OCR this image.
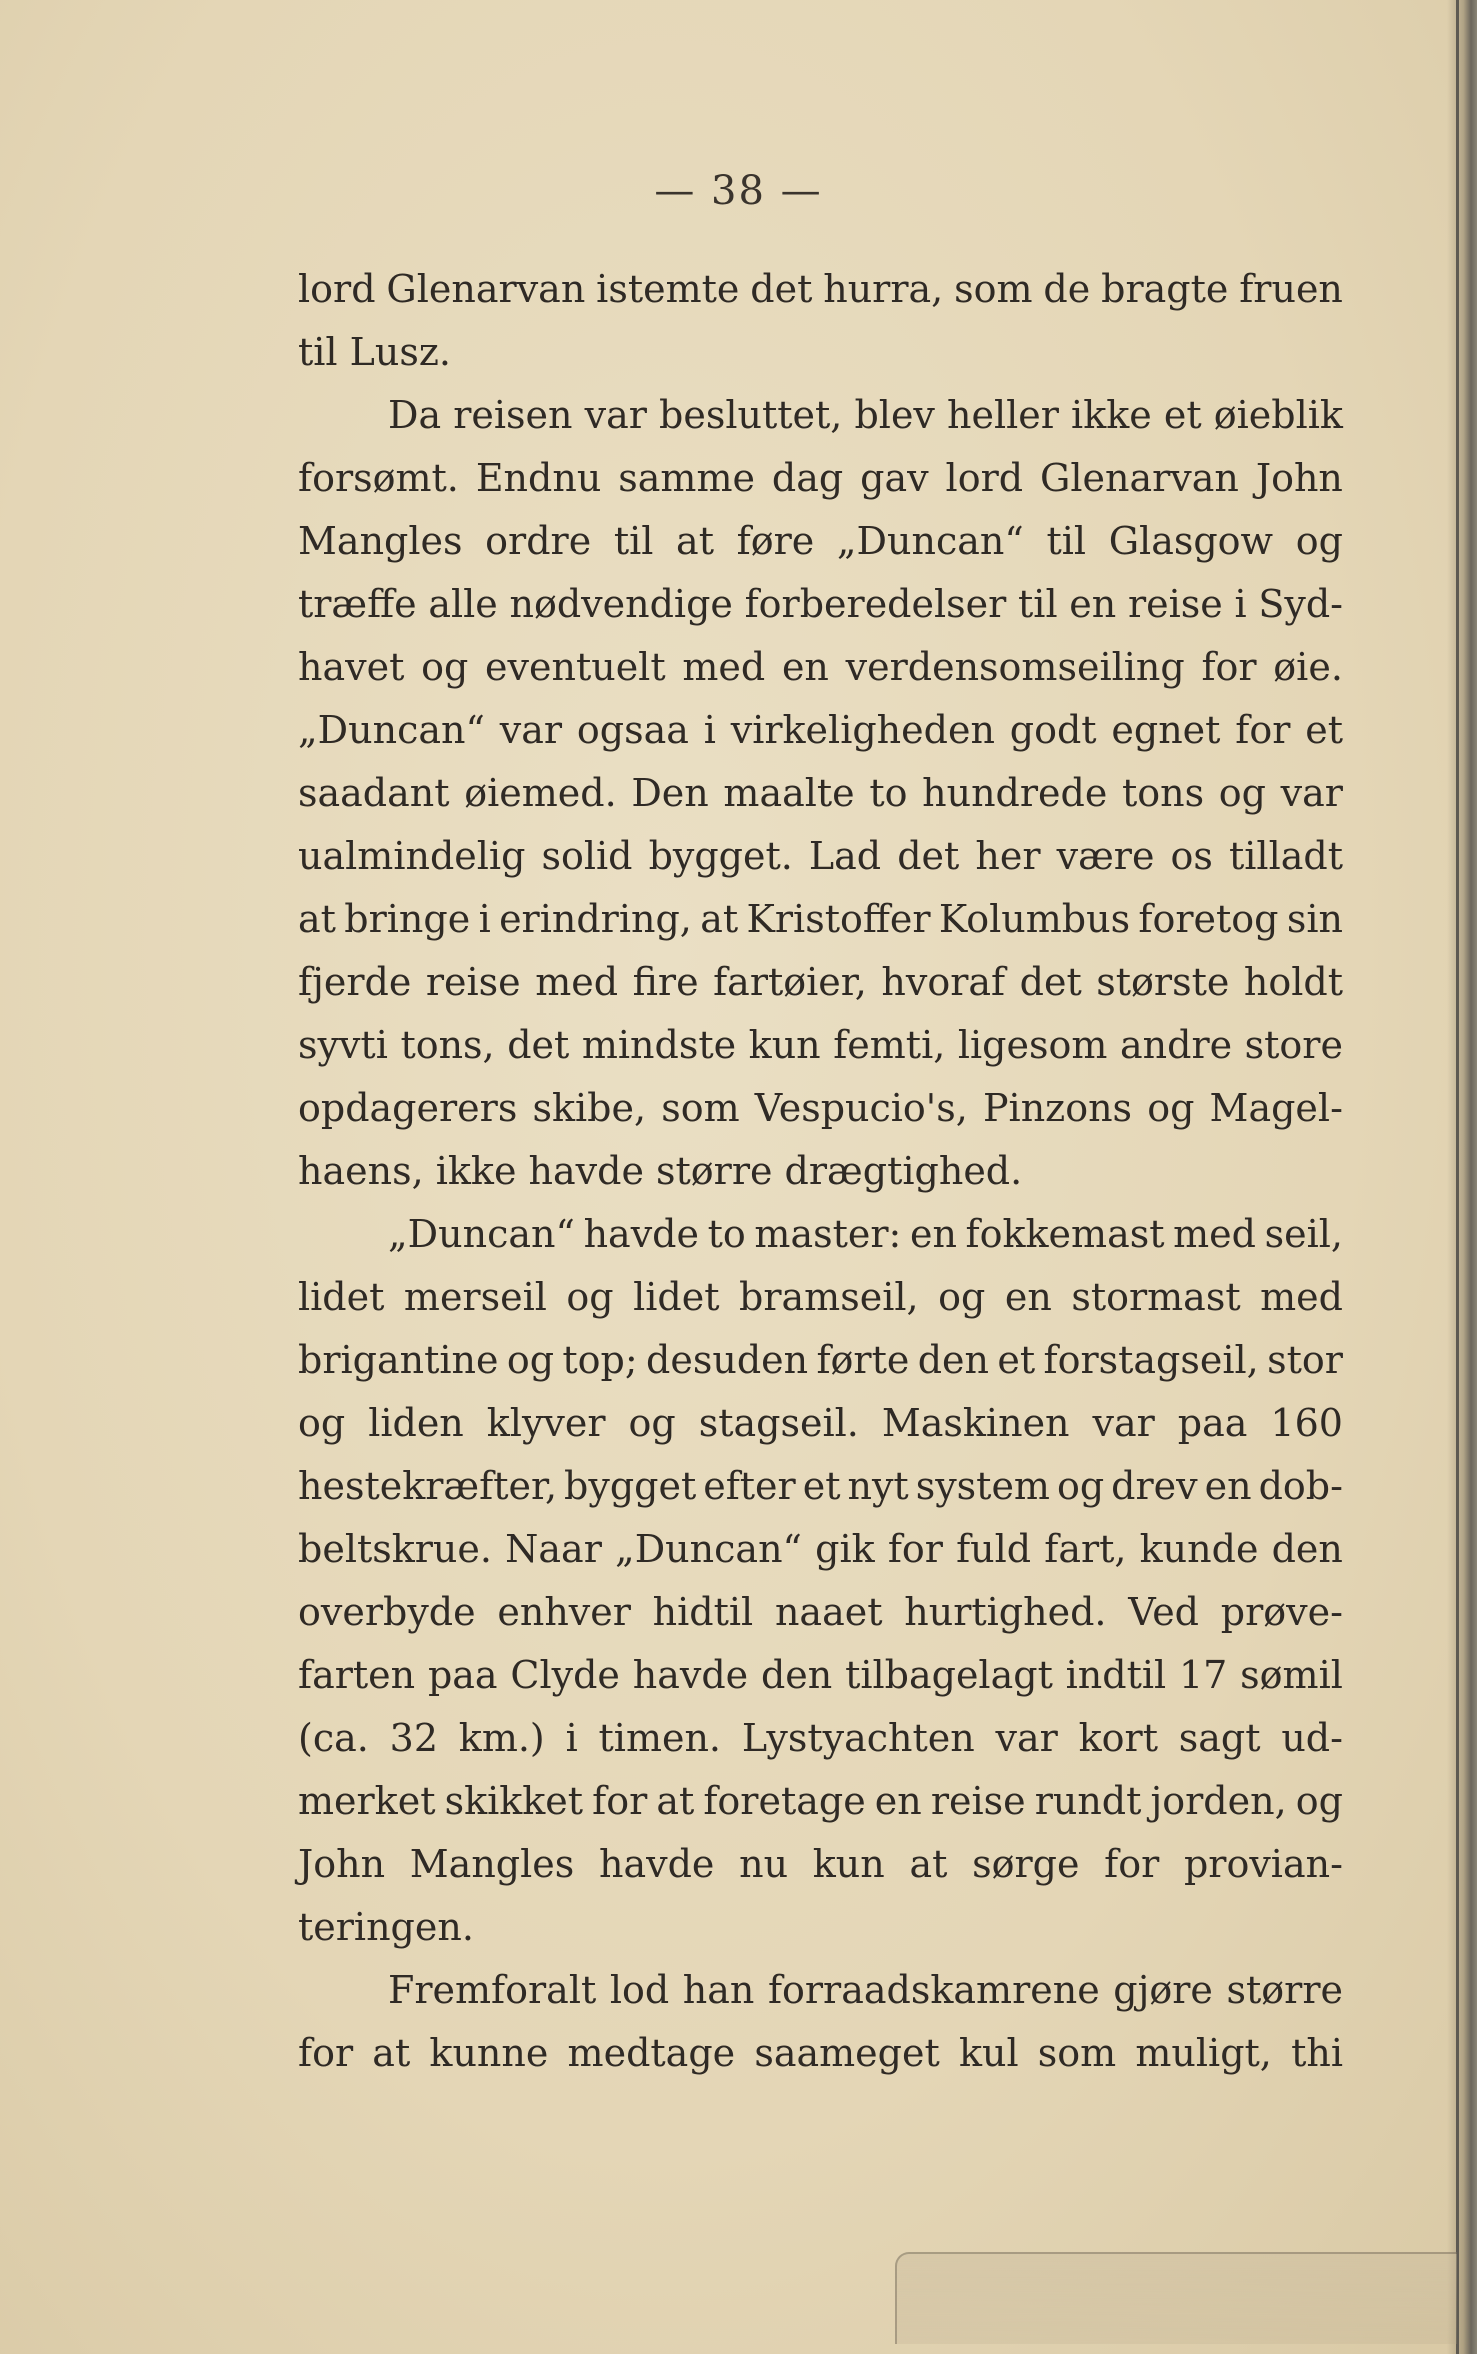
— 38 —
lord Glenarvan istemte det hurra, som de bragte fruen
til Lusz.
Da reisen var besluttet, blev heller ikke et øieblik
forsømt. Endnu samme dag gav lord Glenarvan John
Mangles ordre til at føre „Duncan“ til Glasgow og
træffe alle nødvendige forberedelser til en reise i Syd-
havet og eventuelt med en verdensomseiling for øie.
„Duncan“ var ogsaa i virkeligheden godt egnet for et
saadant øiemed. Den maalte to hundrede tons og var
ualmindelig solid bygget. Lad det her være os tilladt
at bringe i erindring, at Kristoffer Kolumbus foretog sin
fjerde reise med fire fartøier, hvoraf det største holdt
syvti tons, det mindste kun femti, ligesom andre store
opdagerers skibe, som Vespucio's, Pinzons og Magel-
haens, ikke havde større drægtighed.
„Duncan“ havde to master: en fokkemast med seil,
lidet merseil og lidet bramseil, og en stormast med
brigantine og top; desuden førte den et forstagseil, stor
og liden klyver og stagseil. Maskinen var paa 160
hestekræfter, bygget efter et nyt system og drev en dob-
beltskrue. Naar „Duncan“ gik for fuld fart, kunde den
overbyde enhver hidtil naaet hurtighed. Ved prøve-
farten paa Clyde havde den tilbagelagt indtil 17 sømil
(ca. 32 km.) i timen. Lystyachten var kort sagt ud-
merket skikket for at foretage en reise rundt jorden, og
John Mangles havde nu kun at sørge for provian-
teringen.
Fremforalt lod han forraadskamrene gjøre større
for at kunne medtage saameget kul som muligt, thi
